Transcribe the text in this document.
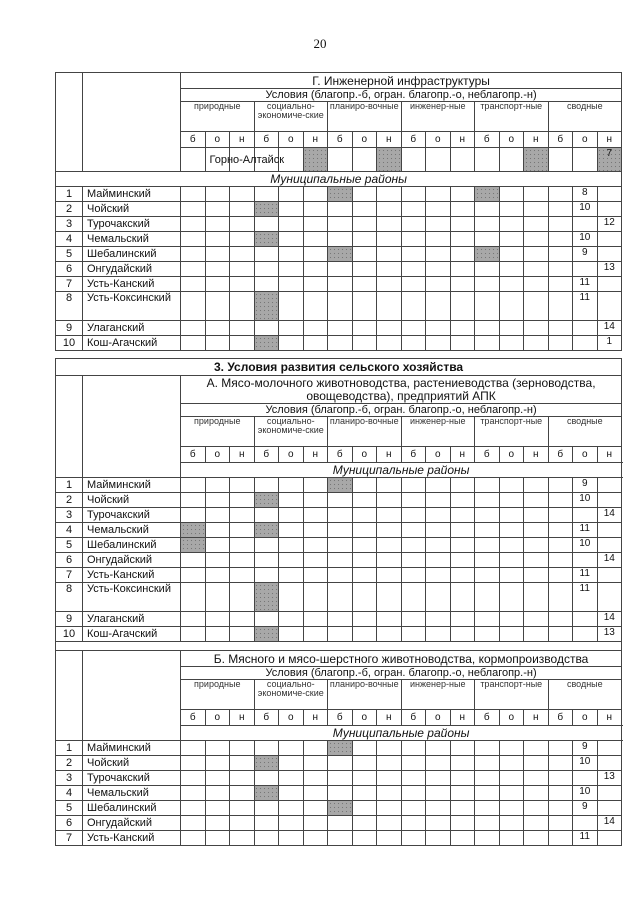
20
		Г. Инженерной инфраструктуры																		
		Условия (благопр.-б, огран. благопр.-о, неблагопр.-н)																		
		природные			социально-экономиче-ские			планиро-вочные			инженер-ные			транспорт-ные			сводные			
		б	о	н	б	о	н	б	о	н	б	о	н	б	о	н	б	о	н	
			Горно-Алтайск																7		
Муниципальные районы																				
1	Майминский																	8		
2	Чойский																	10		
3	Турочакский																		12	
4	Чемальский																	10		
5	Шебалинский																	9		
6	Онгудайский																		13	
7	Усть-Канский																	11		
8	Усть-Коксинский																	11		
9	Улаганский																		14	
10	Кош-Агачский																		1	
3. Условия развития сельского хозяйства																			
		А. Мясо-молочного животноводства, растениеводства (зерноводства, овощеводства), предприятий АПК																	
		Условия (благопр.-б, огран. благопр.-о, неблагопр.-н)																	
		природные			социально-экономиче-ские			планиро-вочные			инженер-ные			транспорт-ные			сводные		
		б	о	н	б	о	н	б	о	н	б	о	н	б	о	н	б	о	н
		Муниципальные районы																	
1	Майминский																	9	
2	Чойский																	10	
3	Турочакский																		14
4	Чемальский																	11	
5	Шебалинский																	10	
6	Онгудайский																		14
7	Усть-Канский																	11	
8	Усть-Коксинский																	11	
9	Улаганский																		14
10	Кош-Агачский																		13

		Б. Мясного и мясо-шерстного животноводства, кормопроизводства																	
		Условия (благопр.-б, огран. благопр.-о, неблагопр.-н)																	
		природные			социально-экономиче-ские			планиро-вочные			инженер-ные			транспорт-ные			сводные		
		б	о	н	б	о	н	б	о	н	б	о	н	б	о	н	б	о	н
		Муниципальные районы																	
1	Майминский																	9	
2	Чойский																	10	
3	Турочакский																		13
4	Чемальский																	10	
5	Шебалинский																	9	
6	Онгудайский																		14
7	Усть-Канский																	11	
